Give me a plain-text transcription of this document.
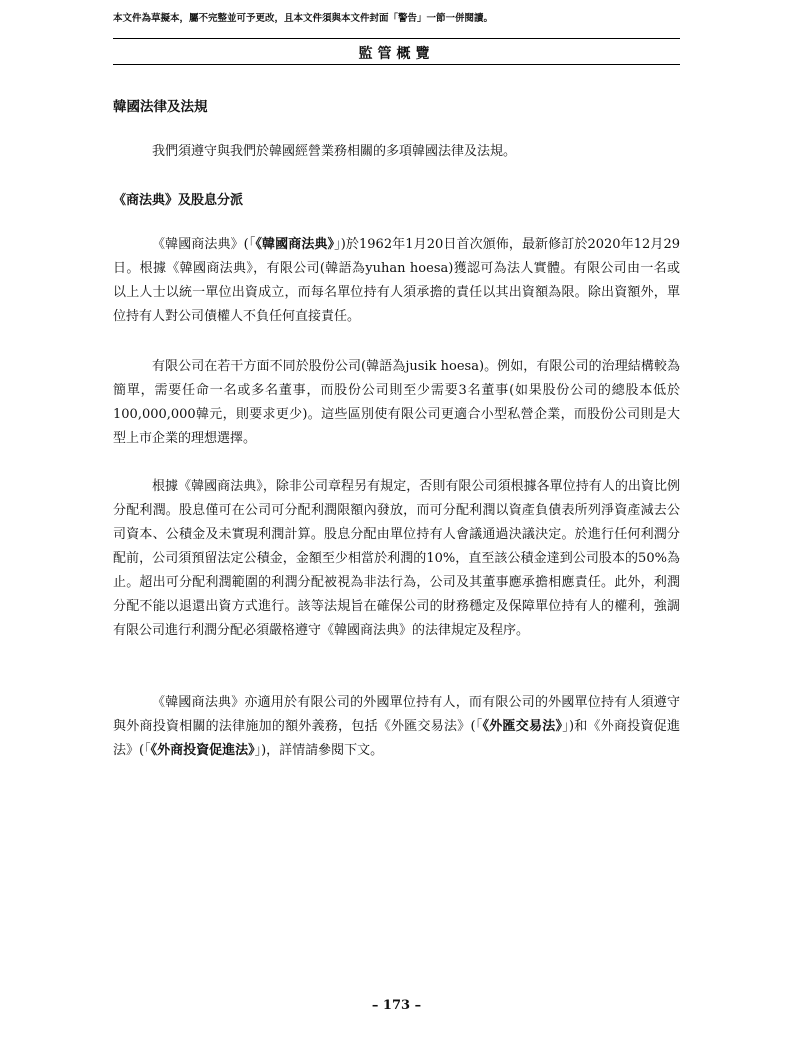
本文件為草擬本，屬不完整並可予更改，且本文件須與本文件封面「警告」一節一併閱讀。
監管概覽
韓國法律及法規

我們須遵守與我們於韓國經營業務相關的多項韓國法律及法規。

《商法典》及股息分派

《韓國商法典》(「《韓國商法典》」)於1962年1月20日首次頒佈，最新修訂於2020年12月29日。根據《韓國商法典》，有限公司(韓語為yuhan hoesa)獲認可為法人實體。有限公司由一名或以上人士以統一單位出資成立，而每名單位持有人須承擔的責任以其出資額為限。除出資額外，單位持有人對公司債權人不負任何直接責任。

有限公司在若干方面不同於股份公司(韓語為jusik hoesa)。例如，有限公司的治理結構較為簡單，需要任命一名或多名董事，而股份公司則至少需要3名董事(如果股份公司的總股本低於100,000,000韓元，則要求更少)。這些區別使有限公司更適合小型私營企業，而股份公司則是大型上市企業的理想選擇。

根據《韓國商法典》，除非公司章程另有規定，否則有限公司須根據各單位持有人的出資比例分配利潤。股息僅可在公司可分配利潤限額內發放，而可分配利潤以資產負債表所列淨資產減去公司資本、公積金及未實現利潤計算。股息分配由單位持有人會議通過決議決定。於進行任何利潤分配前，公司須預留法定公積金，金額至少相當於利潤的10%，直至該公積金達到公司股本的50%為止。超出可分配利潤範圍的利潤分配被視為非法行為，公司及其董事應承擔相應責任。此外，利潤分配不能以退還出資方式進行。該等法規旨在確保公司的財務穩定及保障單位持有人的權利，強調有限公司進行利潤分配必須嚴格遵守《韓國商法典》的法律規定及程序。

《韓國商法典》亦適用於有限公司的外國單位持有人，而有限公司的外國單位持有人須遵守與外商投資相關的法律施加的額外義務，包括《外匯交易法》(「《外匯交易法》」)和《外商投資促進法》(「《外商投資促進法》」)，詳情請參閱下文。

– 173 –
